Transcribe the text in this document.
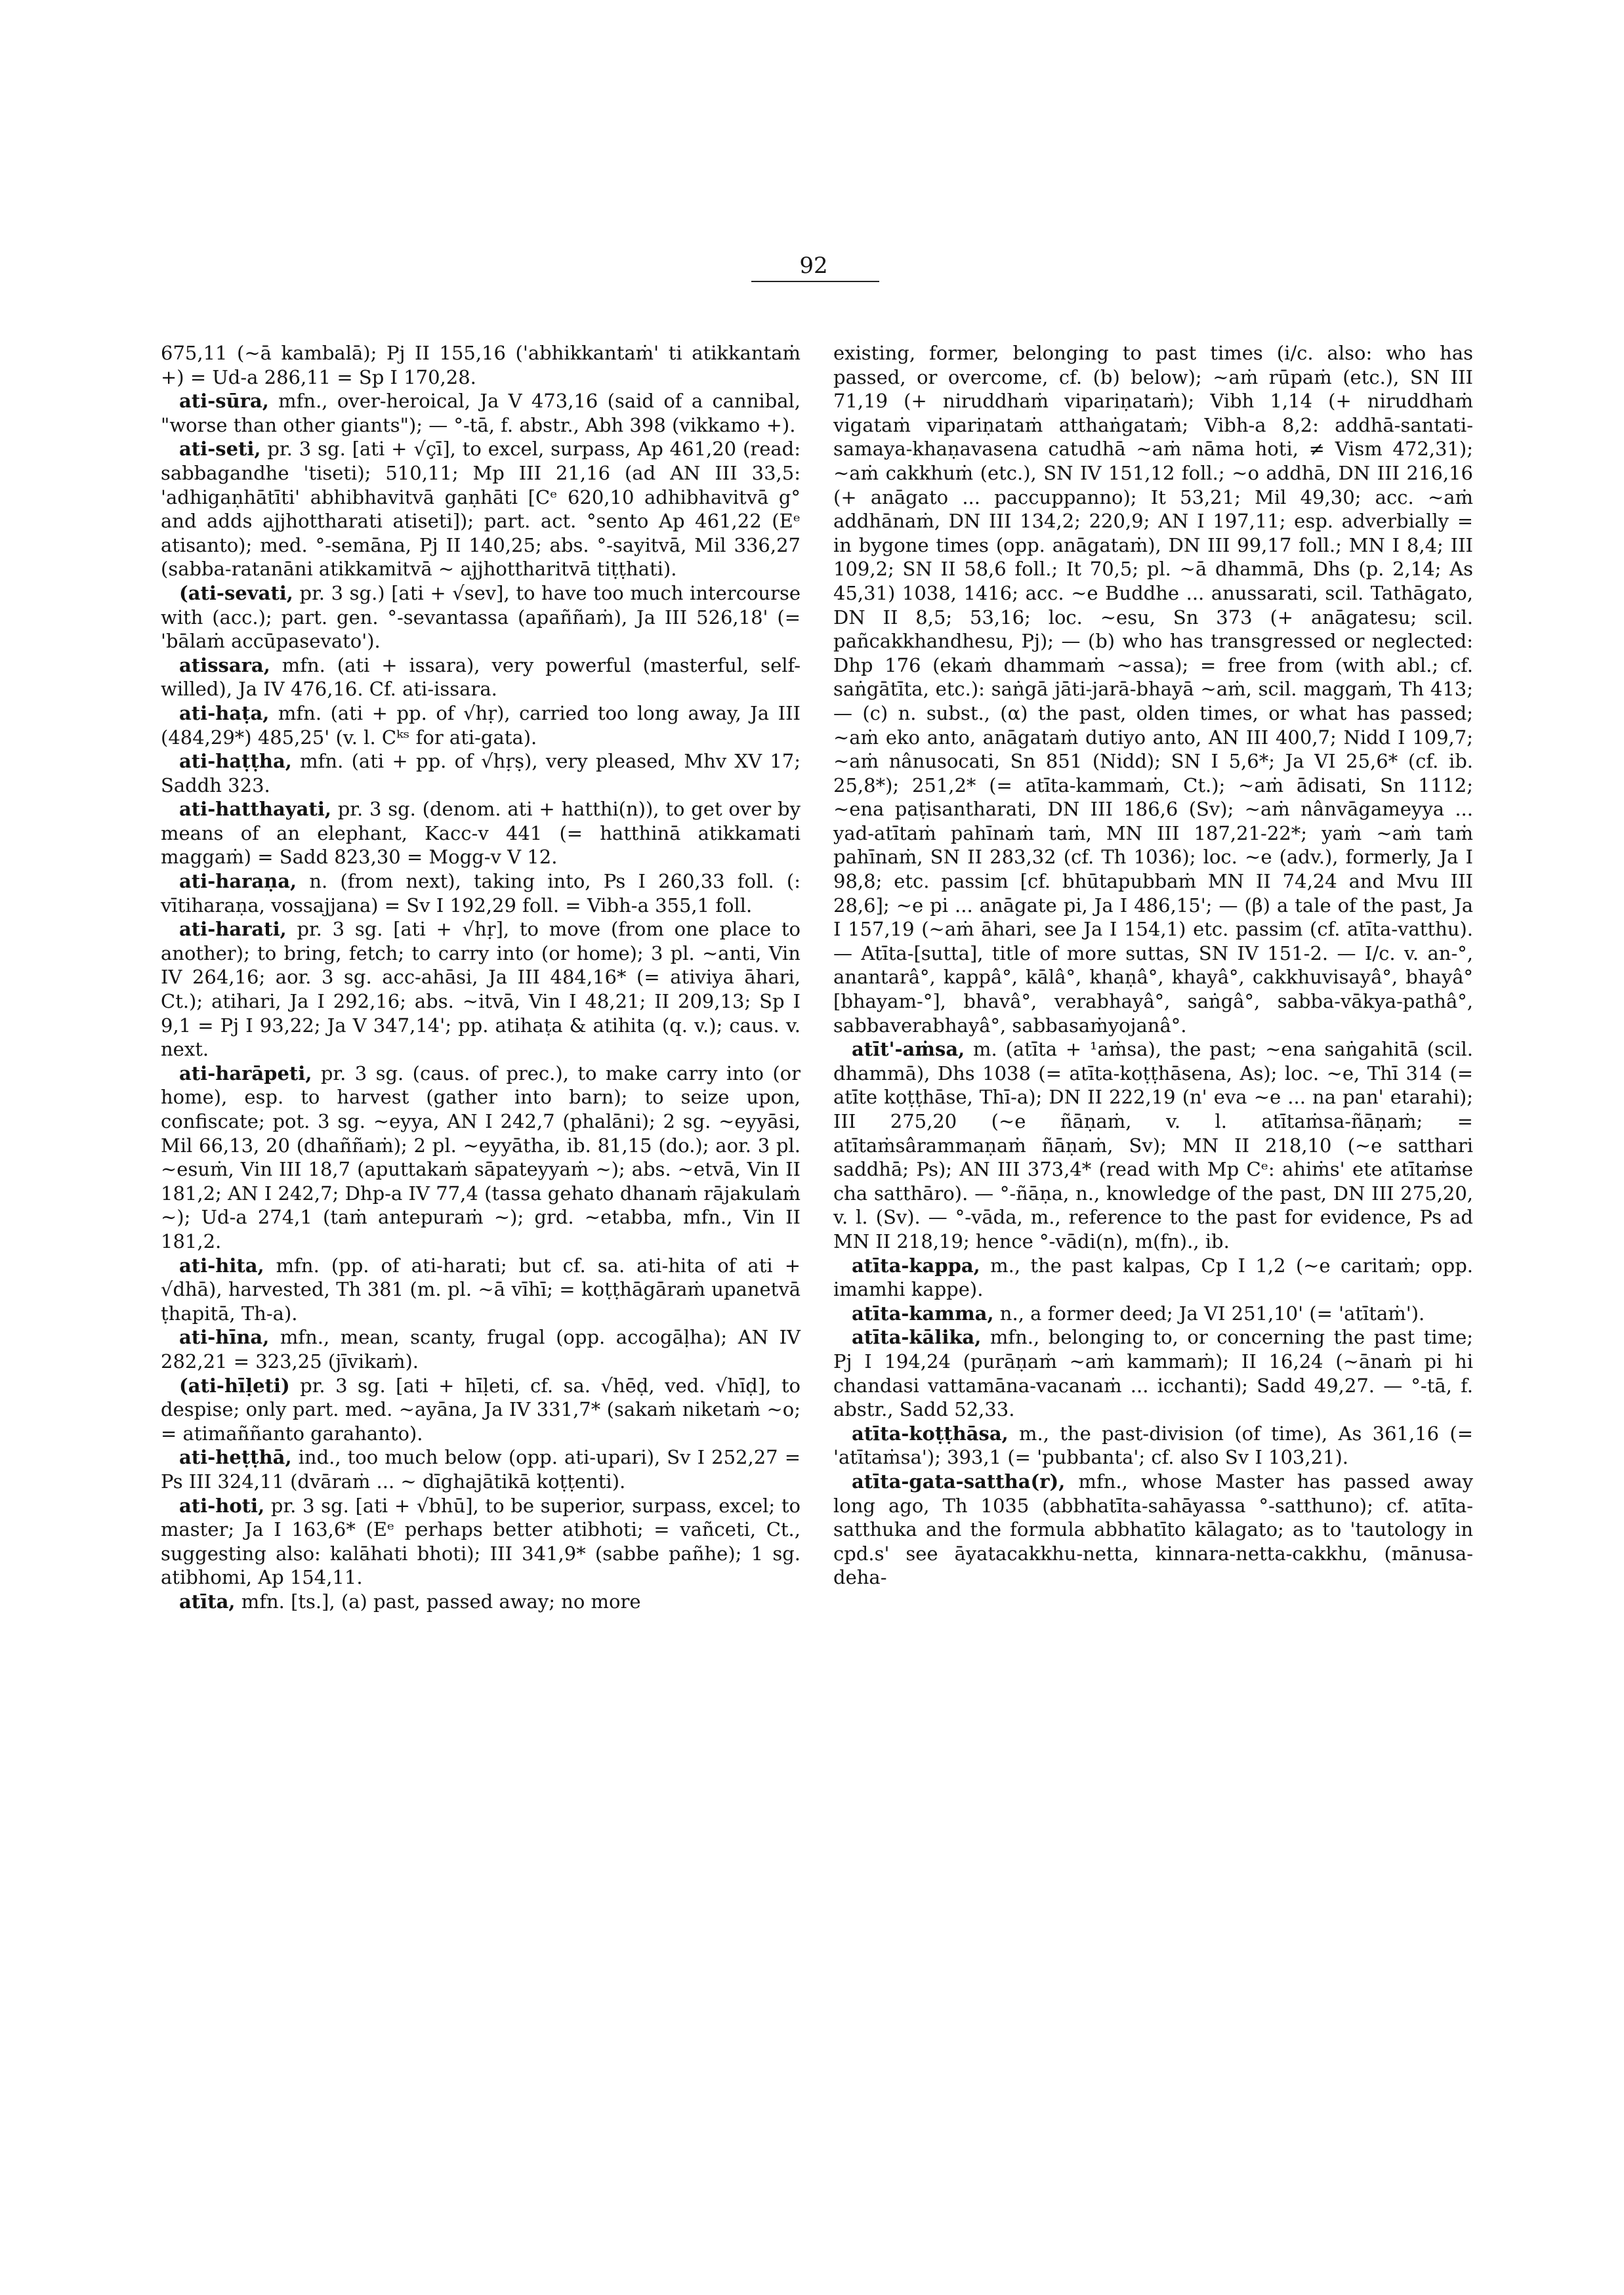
92

675,11 (~ā kambalā); Pj II 155,16 ('abhikkantaṁ' ti atikkantaṁ +) = Ud-a 286,11 = Sp I 170,28.

ati-sūra, mfn., over-heroical, Ja V 473,16 (said of a cannibal, "worse than other giants"); — °-tā, f. abstr., Abh 398 (vikkamo +).

ati-seti, pr. 3 sg. [ati + √çī], to excel, surpass, Ap 461,20 (read: sabbagandhe 'tiseti); 510,11; Mp III 21,16 (ad AN III 33,5: 'adhigaṇhātīti' abhibhavitvā gaṇhāti [Cᵉ 620,10 adhibhavitvā g° and adds ajjhottharati atiseti]); part. act. °sento Ap 461,22 (Eᵉ atisanto); med. °-semāna, Pj II 140,25; abs. °-sayitvā, Mil 336,27 (sabba-ratanāni atikkamitvā ~ ajjhottharitvā tiṭṭhati).

(ati-sevati, pr. 3 sg.) [ati + √sev], to have too much intercourse with (acc.); part. gen. °-sevantassa (apaññaṁ), Ja III 526,18' (= 'bālaṁ accūpasevato').

atissara, mfn. (ati + issara), very powerful (masterful, self-willed), Ja IV 476,16. Cf. ati-issara.

ati-haṭa, mfn. (ati + pp. of √hṛ), carried too long away, Ja III (484,29*) 485,25' (v. l. Cᵏˢ for ati-gata).

ati-haṭṭha, mfn. (ati + pp. of √hṛṣ), very pleased, Mhv XV 17; Saddh 323.

ati-hatthayati, pr. 3 sg. (denom. ati + hatthi(n)), to get over by means of an elephant, Kacc-v 441 (= hatthinā atikkamati maggaṁ) = Sadd 823,30 = Mogg-v V 12.

ati-haraṇa, n. (from next), taking into, Ps I 260,33 foll. (: vītiharaṇa, vossajjana) = Sv I 192,29 foll. = Vibh-a 355,1 foll.

ati-harati, pr. 3 sg. [ati + √hṛ], to move (from one place to another); to bring, fetch; to carry into (or home); 3 pl. ~anti, Vin IV 264,16; aor. 3 sg. acc-ahāsi, Ja III 484,16* (= ativiya āhari, Ct.); atihari, Ja I 292,16; abs. ~itvā, Vin I 48,21; II 209,13; Sp I 9,1 = Pj I 93,22; Ja V 347,14'; pp. atihaṭa & atihita (q. v.); caus. v. next.

ati-harāpeti, pr. 3 sg. (caus. of prec.), to make carry into (or home), esp. to harvest (gather into barn); to seize upon, confiscate; pot. 3 sg. ~eyya, AN I 242,7 (phalāni); 2 sg. ~eyyāsi, Mil 66,13, 20 (dhaññaṁ); 2 pl. ~eyyātha, ib. 81,15 (do.); aor. 3 pl. ~esuṁ, Vin III 18,7 (aputtakaṁ sāpateyyaṁ ~); abs. ~etvā, Vin II 181,2; AN I 242,7; Dhp-a IV 77,4 (tassa gehato dhanaṁ rājakulaṁ ~); Ud-a 274,1 (taṁ antepuraṁ ~); grd. ~etabba, mfn., Vin II 181,2.

ati-hita, mfn. (pp. of ati-harati; but cf. sa. ati-hita of ati + √dhā), harvested, Th 381 (m. pl. ~ā vīhī; = koṭṭhāgāraṁ upanetvā ṭhapitā, Th-a).

ati-hīna, mfn., mean, scanty, frugal (opp. accogāḷha); AN IV 282,21 = 323,25 (jīvikaṁ).

(ati-hīḷeti) pr. 3 sg. [ati + hīḷeti, cf. sa. √hēḍ, ved. √hīḍ], to despise; only part. med. ~ayāna, Ja IV 331,7* (sakaṁ niketaṁ ~o; = atimaññanto garahanto).

ati-heṭṭhā, ind., too much below (opp. ati-upari), Sv I 252,27 = Ps III 324,11 (dvāraṁ ... ~ dīghajātikā koṭṭenti).

ati-hoti, pr. 3 sg. [ati + √bhū], to be superior, surpass, excel; to master; Ja I 163,6* (Eᵉ perhaps better atibhoti; = vañceti, Ct., suggesting also: kalāhati bhoti); III 341,9* (sabbe pañhe); 1 sg. atibhomi, Ap 154,11.

atīta, mfn. [ts.], (a) past, passed away; no more

existing, former, belonging to past times (i/c. also: who has passed, or overcome, cf. (b) below); ~aṁ rūpaṁ (etc.), SN III 71,19 (+ niruddhaṁ vipariṇataṁ); Vibh 1,14 (+ niruddhaṁ vigataṁ vipariṇataṁ atthaṅgataṁ; Vibh-a 8,2: addhā-santati-samaya-khaṇavasena catudhā ~aṁ nāma hoti, ≠ Vism 472,31); ~aṁ cakkhuṁ (etc.), SN IV 151,12 foll.; ~o addhā, DN III 216,16 (+ anāgato ... paccuppanno); It 53,21; Mil 49,30; acc. ~aṁ addhānaṁ, DN III 134,2; 220,9; AN I 197,11; esp. adverbially = in bygone times (opp. anāgataṁ), DN III 99,17 foll.; MN I 8,4; III 109,2; SN II 58,6 foll.; It 70,5; pl. ~ā dhammā, Dhs (p. 2,14; As 45,31) 1038, 1416; acc. ~e Buddhe ... anussarati, scil. Tathāgato, DN II 8,5; 53,16; loc. ~esu, Sn 373 (+ anāgatesu; scil. pañcakkhandhesu, Pj); — (b) who has transgressed or neglected: Dhp 176 (ekaṁ dhammaṁ ~assa); = free from (with abl.; cf. saṅgātīta, etc.): saṅgā jāti-jarā-bhayā ~aṁ, scil. maggaṁ, Th 413; — (c) n. subst., (α) the past, olden times, or what has passed; ~aṁ eko anto, anāgataṁ dutiyo anto, AN III 400,7; Nidd I 109,7; ~aṁ nânusocati, Sn 851 (Nidd); SN I 5,6*; Ja VI 25,6* (cf. ib. 25,8*); 251,2* (= atīta-kammaṁ, Ct.); ~aṁ ādisati, Sn 1112; ~ena paṭisantharati, DN III 186,6 (Sv); ~aṁ nânvāgameyya ... yad-atītaṁ pahīnaṁ taṁ, MN III 187,21-22*; yaṁ ~aṁ taṁ pahīnaṁ, SN II 283,32 (cf. Th 1036); loc. ~e (adv.), formerly, Ja I 98,8; etc. passim [cf. bhūtapubbaṁ MN II 74,24 and Mvu III 28,6]; ~e pi ... anāgate pi, Ja I 486,15'; — (β) a tale of the past, Ja I 157,19 (~aṁ āhari, see Ja I 154,1) etc. passim (cf. atīta-vatthu). — Atīta-[sutta], title of more suttas, SN IV 151-2. — I/c. v. an-°, anantarâ°, kappâ°, kālâ°, khaṇâ°, khayâ°, cakkhuvisayâ°, bhayâ° [bhayam-°], bhavâ°, verabhayâ°, saṅgâ°, sabba-vākya-pathâ°, sabbaverabhayâ°, sabbasaṁyojanâ°.

atīt'-aṁsa, m. (atīta + ¹aṁsa), the past; ~ena saṅgahitā (scil. dhammā), Dhs 1038 (= atīta-koṭṭhāsena, As); loc. ~e, Thī 314 (= atīte koṭṭhāse, Thī-a); DN II 222,19 (n' eva ~e ... na pan' etarahi); III 275,20 (~e ñāṇaṁ, v. l. atītaṁsa-ñāṇaṁ; = atītaṁsârammaṇaṁ ñāṇaṁ, Sv); MN II 218,10 (~e satthari saddhā; Ps); AN III 373,4* (read with Mp Cᵉ: ahiṁs' ete atītaṁse cha satthāro). — °-ñāṇa, n., knowledge of the past, DN III 275,20, v. l. (Sv). — °-vāda, m., reference to the past for evidence, Ps ad MN II 218,19; hence °-vādi(n), m(fn)., ib.

atīta-kappa, m., the past kalpas, Cp I 1,2 (~e caritaṁ; opp. imamhi kappe).

atīta-kamma, n., a former deed; Ja VI 251,10' (= 'atītaṁ').

atīta-kālika, mfn., belonging to, or concerning the past time; Pj I 194,24 (purāṇaṁ ~aṁ kammaṁ); II 16,24 (~ānaṁ pi hi chandasi vattamāna-vacanaṁ ... icchanti); Sadd 49,27. — °-tā, f. abstr., Sadd 52,33.

atīta-koṭṭhāsa, m., the past-division (of time), As 361,16 (= 'atītaṁsa'); 393,1 (= 'pubbanta'; cf. also Sv I 103,21).

atīta-gata-sattha(r), mfn., whose Master has passed away long ago, Th 1035 (abbhatīta-sahāyassa °-satthuno); cf. atīta-satthuka and the formula abbhatīto kālagato; as to 'tautology in cpd.s' see āyatacakkhu-netta, kinnara-netta-cakkhu, (mānusa-deha-
